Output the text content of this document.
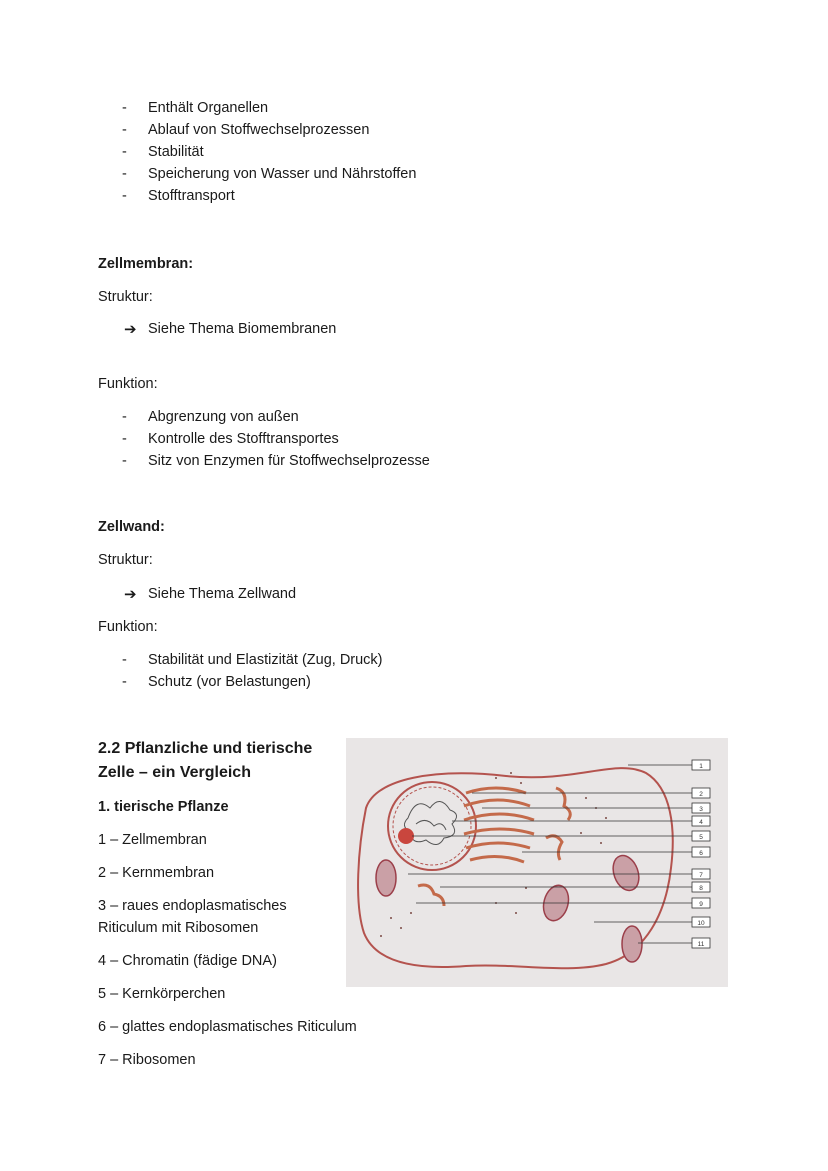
-	Enthält Organellen
-	Ablauf von Stoffwechselprozessen
-	Stabilität
-	Speicherung von Wasser und Nährstoffen
-	Stofftransport
Zellmembran:
Struktur:
➔ Siehe Thema Biomembranen
Funktion:
-	Abgrenzung von außen
-	Kontrolle des Stofftransportes
-	Sitz von Enzymen für Stoffwechselprozesse
Zellwand:
Struktur:
➔ Siehe Thema Zellwand
Funktion:
-	Stabilität und Elastizität (Zug, Druck)
-	Schutz (vor Belastungen)
2.2 Pflanzliche und tierische
Zelle – ein Vergleich
1. tierische Pflanze
1 – Zellmembran
2 – Kernmembran
3 – raues endoplasmatisches
Riticulum mit Ribosomen
4 – Chromatin (fädige DNA)
5 – Kernkörperchen
6 – glattes endoplasmatisches Riticulum
7 – Ribosomen
1
2
3
4
5
6
7
8
9
10
11
